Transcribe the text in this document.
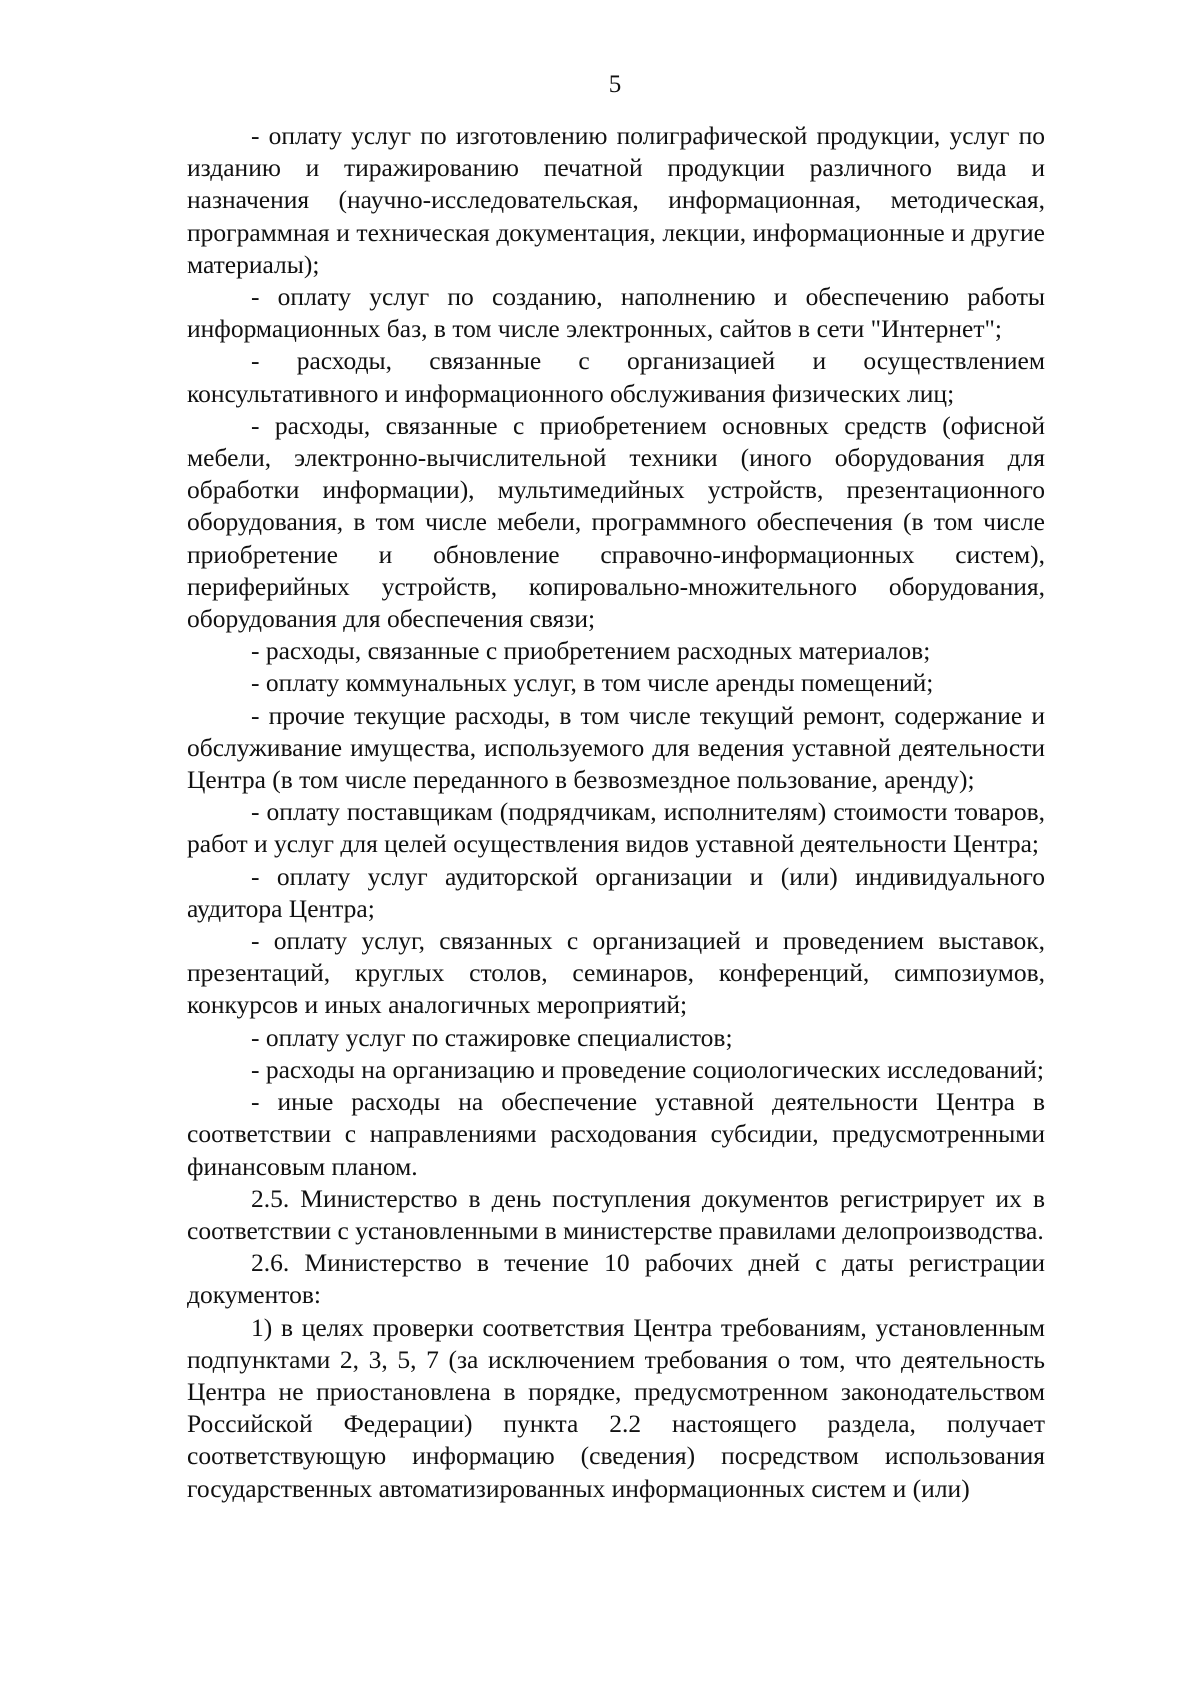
5

- оплату услуг по изготовлению полиграфической продукции, услуг по изданию и тиражированию печатной продукции различного вида и назначения (научно-исследовательская, информационная, методическая, программная и техническая документация, лекции, информационные и другие материалы);

- оплату услуг по созданию, наполнению и обеспечению работы информационных баз, в том числе электронных, сайтов в сети "Интернет";

- расходы, связанные с организацией и осуществлением консультативного и информационного обслуживания физических лиц;

- расходы, связанные с приобретением основных средств (офисной мебели, электронно-вычислительной техники (иного оборудования для обработки информации), мультимедийных устройств, презентационного оборудования, в том числе мебели, программного обеспечения (в том числе приобретение и обновление справочно-информационных систем), периферийных устройств, копировально-множительного оборудования, оборудования для обеспечения связи;

- расходы, связанные с приобретением расходных материалов;

- оплату коммунальных услуг, в том числе аренды помещений;

- прочие текущие расходы, в том числе текущий ремонт, содержание и обслуживание имущества, используемого для ведения уставной деятельности Центра (в том числе переданного в безвозмездное пользование, аренду);

- оплату поставщикам (подрядчикам, исполнителям) стоимости товаров, работ и услуг для целей осуществления видов уставной деятельности Центра;

- оплату услуг аудиторской организации и (или) индивидуального аудитора Центра;

- оплату услуг, связанных с организацией и проведением выставок, презентаций, круглых столов, семинаров, конференций, симпозиумов, конкурсов и иных аналогичных мероприятий;

- оплату услуг по стажировке специалистов;

- расходы на организацию и проведение социологических исследований;

- иные расходы на обеспечение уставной деятельности Центра в соответствии с направлениями расходования субсидии, предусмотренными финансовым планом.

2.5. Министерство в день поступления документов регистрирует их в соответствии с установленными в министерстве правилами делопроизводства.

2.6. Министерство в течение 10 рабочих дней с даты регистрации документов:

1) в целях проверки соответствия Центра требованиям, установленным подпунктами 2, 3, 5, 7 (за исключением требования о том, что деятельность Центра не приостановлена в порядке, предусмотренном законодательством Российской Федерации) пункта 2.2 настоящего раздела, получает соответствующую информацию (сведения) посредством использования государственных автоматизированных информационных систем и (или)
